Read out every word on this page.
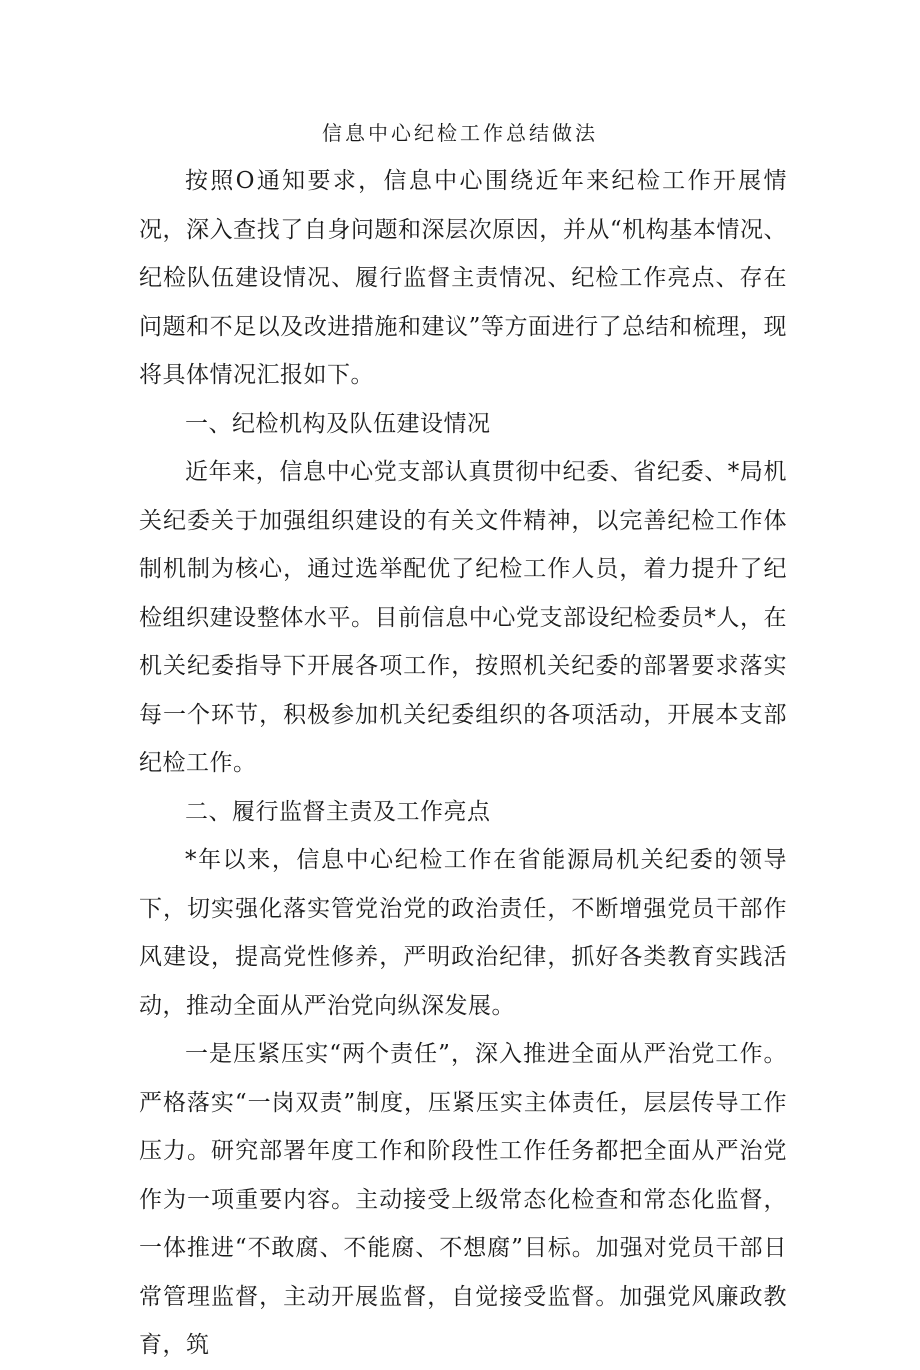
信息中心纪检工作总结做法

按照O通知要求，信息中心围绕近年来纪检工作开展情况，深入查找了自身问题和深层次原因，并从“机构基本情况、纪检队伍建设情况、履行监督主责情况、纪检工作亮点、存在问题和不足以及改进措施和建议”等方面进行了总结和梳理，现将具体情况汇报如下。

一、纪检机构及队伍建设情况

近年来，信息中心党支部认真贯彻中纪委、省纪委、*局机关纪委关于加强组织建设的有关文件精神，以完善纪检工作体制机制为核心，通过选举配优了纪检工作人员，着力提升了纪检组织建设整体水平。目前信息中心党支部设纪检委员*人，在机关纪委指导下开展各项工作，按照机关纪委的部署要求落实每一个环节，积极参加机关纪委组织的各项活动，开展本支部纪检工作。

二、履行监督主责及工作亮点

*年以来，信息中心纪检工作在省能源局机关纪委的领导下，切实强化落实管党治党的政治责任，不断增强党员干部作风建设，提高党性修养，严明政治纪律，抓好各类教育实践活动，推动全面从严治党向纵深发展。

一是压紧压实“两个责任”，深入推进全面从严治党工作。严格落实“一岗双责”制度，压紧压实主体责任，层层传导工作压力。研究部署年度工作和阶段性工作任务都把全面从严治党作为一项重要内容。主动接受上级常态化检查和常态化监督，一体推进“不敢腐、不能腐、不想腐”目标。加强对党员干部日常管理监督，主动开展监督，自觉接受监督。加强党风廉政教育，筑
